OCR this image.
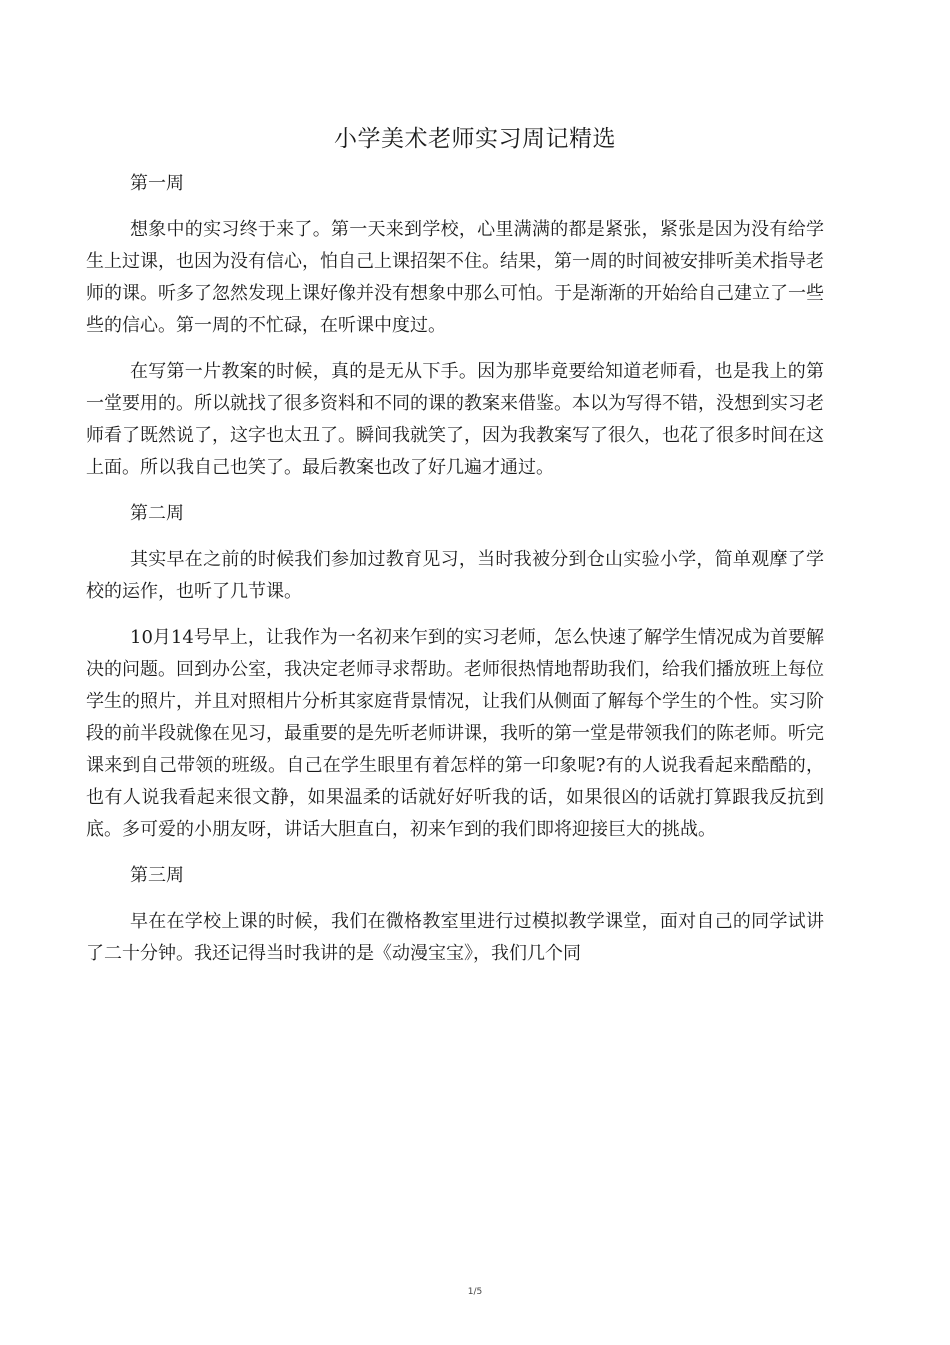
小学美术老师实习周记精选

第一周

想象中的实习终于来了。第一天来到学校，心里满满的都是紧张，紧张是因为没有给学生上过课，也因为没有信心，怕自己上课招架不住。结果，第一周的时间被安排听美术指导老师的课。听多了忽然发现上课好像并没有想象中那么可怕。于是渐渐的开始给自己建立了一些些的信心。第一周的不忙碌，在听课中度过。

在写第一片教案的时候，真的是无从下手。因为那毕竟要给知道老师看，也是我上的第一堂要用的。所以就找了很多资料和不同的课的教案来借鉴。本以为写得不错，没想到实习老师看了既然说了，这字也太丑了。瞬间我就笑了，因为我教案写了很久，也花了很多时间在这上面。所以我自己也笑了。最后教案也改了好几遍才通过。

第二周

其实早在之前的时候我们参加过教育见习，当时我被分到仓山实验小学，简单观摩了学校的运作，也听了几节课。

10月14号早上，让我作为一名初来乍到的实习老师，怎么快速了解学生情况成为首要解决的问题。回到办公室，我决定老师寻求帮助。老师很热情地帮助我们，给我们播放班上每位学生的照片，并且对照相片分析其家庭背景情况，让我们从侧面了解每个学生的个性。实习阶段的前半段就像在见习，最重要的是先听老师讲课，我听的第一堂是带领我们的陈老师。听完课来到自己带领的班级。自己在学生眼里有着怎样的第一印象呢?有的人说我看起来酷酷的，也有人说我看起来很文静，如果温柔的话就好好听我的话，如果很凶的话就打算跟我反抗到底。多可爱的小朋友呀，讲话大胆直白，初来乍到的我们即将迎接巨大的挑战。

第三周

早在在学校上课的时候，我们在微格教室里进行过模拟教学课堂，面对自己的同学试讲了二十分钟。我还记得当时我讲的是《动漫宝宝》，我们几个同

1/5
